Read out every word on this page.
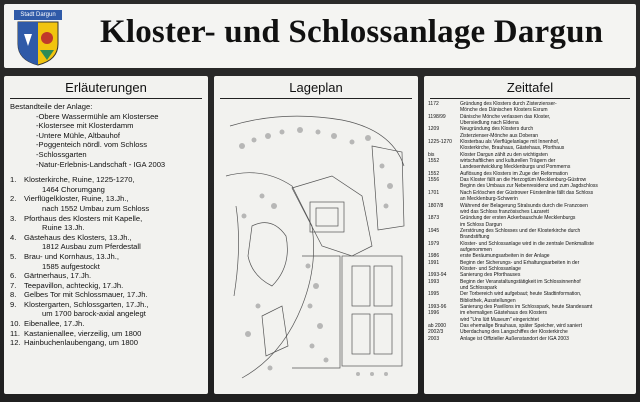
Stadt Dargun Kloster- und Schlossanlage Dargun
Erläuterungen
Bestandteile der Anlage:
-Obere Wassermühle am Klostersee
-Klostersee mit Klosterdamm
-Untere Mühle, Altbauhof
-Poggenteich nördl. vom Schloss
-Schlossgarten
-Natur-Erlebnis-Landschaft - IGA 2003
1.	Klosterkirche, Ruine, 1225-1270,
1464 Chorumgang
2.	Vierflügelkloster, Ruine, 13.Jh.,
nach 1552 Umbau zum Schloss
3.	Pforthaus des Klosters mit Kapelle,
Ruine 13.Jh.
4.	Gästehaus des Klosters, 13.Jh.,
1812 Ausbau zum Pferdestall
5.	Brau- und Kornhaus, 13.Jh.,
1585 aufgestockt
6.	Gärtnerhaus, 17.Jh.
7.	Teepavillon, achteckig, 17.Jh.
8.	Gelbes Tor mit Schlossmauer, 17.Jh.
9.	Klostergarten, Schlossgarten, 17.Jh.,
um 1700 barock-axial angelegt
10. Eibenallee, 17.Jh.
11. Kastanienallee, vierzeilig, um 1800
12. Hainbuchenlaubengang, um 1800
Lageplan	Zeittafel
1172	Gründung des Klosters durch Zisterzienser-
Mönche des Dänischen Klosters Esrum
1198/99	Dänische Mönche verlassen das Kloster,
Übersiedlung nach Eldena
1209	Neugründung des Klosters durch
Zisterzienser-Mönche aus Doberan
1225-1270	Klosterbau als Vierflügelanlage mit Innenhof,
Klosterkirche, Brauhaus, Gästehaus, Pforthaus
bis	Kloster Dargun zählt zu den wichtigsten
1552	wirtschaftlichen und kulturellen Trägern der
Landesentwicklung Mecklenburgs und Pommerns
1552	Auflösung des Klosters im Zuge der Reformation
1556	Das Kloster fällt an die Herzogtüm Mecklenburg-Güstrow
Beginn des Umbaus zur Nebenresidenz und zum Jagdschloss
1701	Nach Erlöschen der Güstrower Fürstenlinie fällt das Schloss
an Mecklenburg-Schwerin
1807/8	Während der Belagerung Stralsunds durch die Franzosen
wird das Schloss französisches Lazarett
1873	Gründung der ersten Ackerbauschule Mecklenburgs
im Schloss Dargun
1945	Zerstörung des Schlosses und der Klosterkirche durch
Brandstiftung
1979	Kloster- und Schlossanlage wird in die zentrale Denkmalliste
aufgenommen
1986	erste Beräumungsarbeiten in der Anlage
1991	Beginn der Sicherungs- und Erhaltungsarbeiten in der
Kloster- und Schlossanlage
1993-94	Sanierung des Pforthauses
1993	Beginn der Veranstaltungstätigkeit im Schlossinnenhof
und Schlosspark
1995	Der Torbereich wird aufgebaut; heute Stadtinformation,
Bibliothek, Ausstellungen
1993-96	Sanierung des Pavillons im Schlosspark, heute Standesamt
1996	im ehemaligen Gästehaus des Klosters
wird "Uns lütt Museum" eingerichtet
ab 2000	Das ehemalige Brauhaus, später Speicher, wird saniert
2002/3	Überdachung des Langschiffes der Klosterkirche
2003	Anlage ist Offizieller Außenstandort der IGA 2003
